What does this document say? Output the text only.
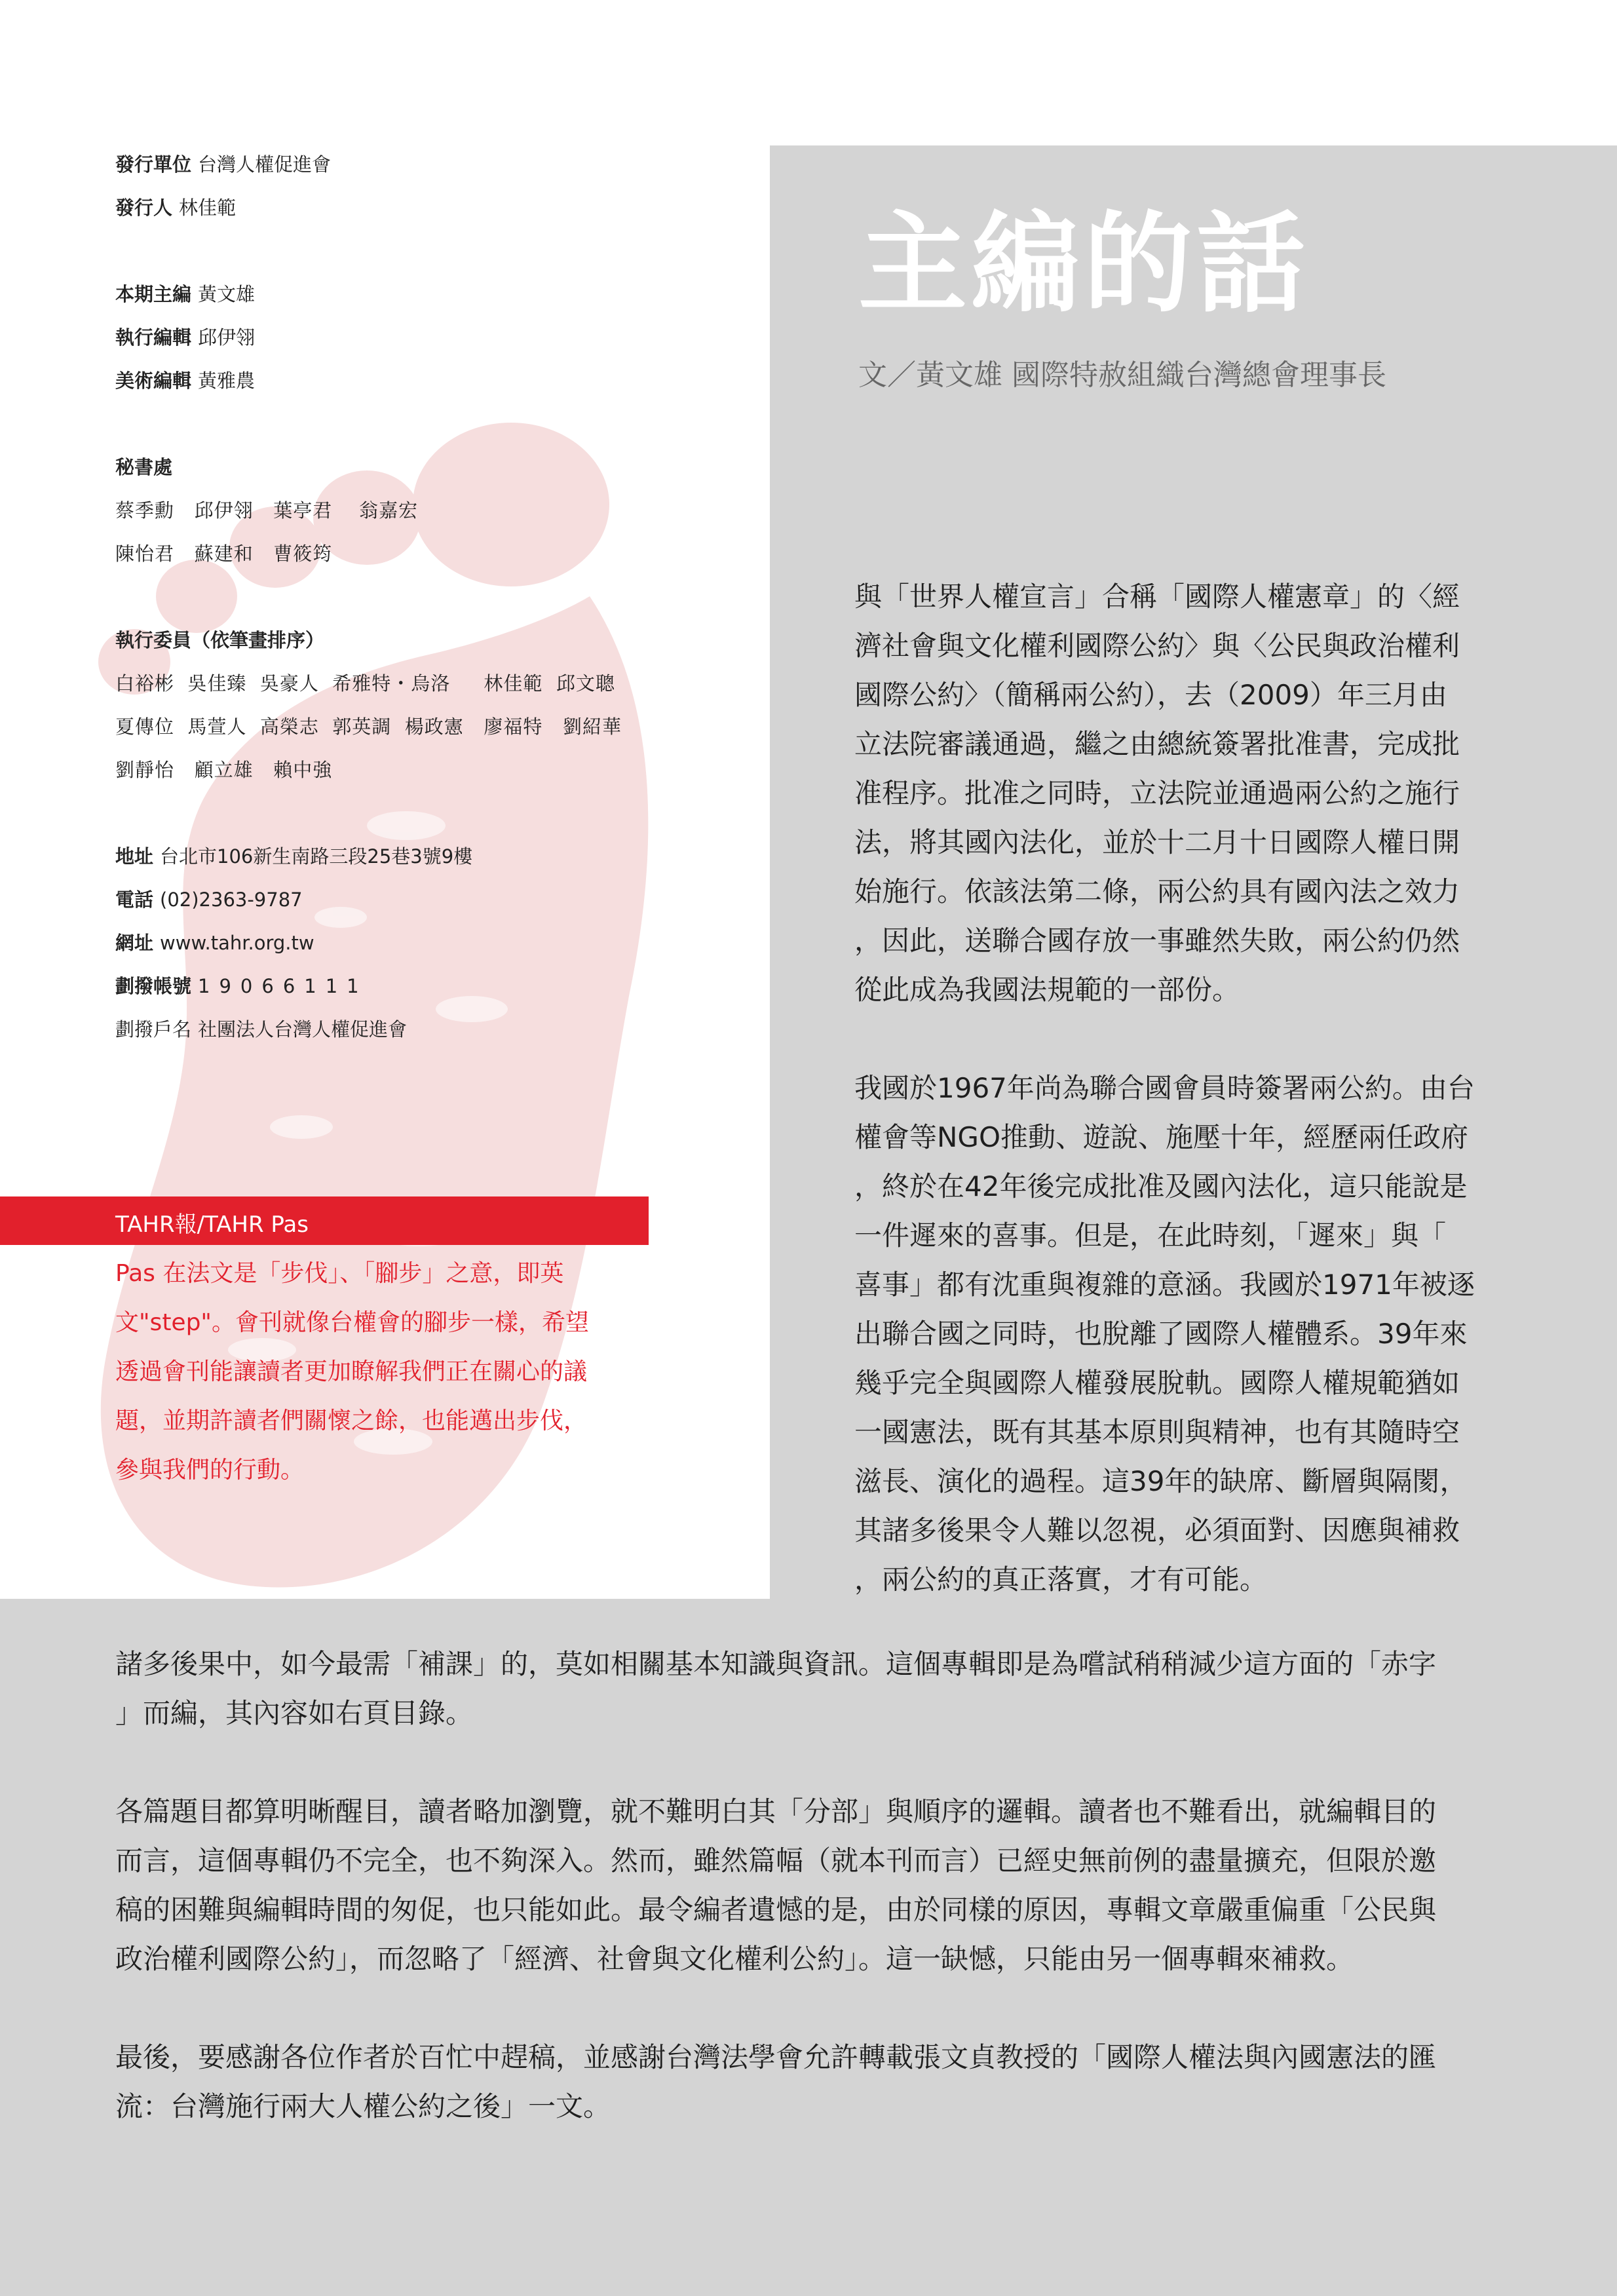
發行單位 台灣人權促進會
發行人 林佳範
本期主編 黃文雄
執行編輯 邱伊翎
美術編輯 黃雅農
秘書處
蔡季勳   邱伊翎   葉亭君    翁嘉宏
陳怡君   蘇建和   曹筱筠
執行委員（依筆畫排序）
白裕彬  吳佳臻  吳豪人  希雅特・烏洛     林佳範  邱文聰
夏傳位  馬萱人  高榮志  郭英調  楊政憲   廖福特   劉紹華
劉靜怡   顧立雄   賴中強
地址 台北市106新生南路三段25巷3號9樓
電話 (02)2363-9787
網址 www.tahr.org.tw
劃撥帳號 19066111
劃撥戶名 社團法人台灣人權促進會
TAHR報/TAHR Pas
Pas 在法文是「步伐」、「腳步」之意，即英
文"step"。會刊就像台權會的腳步一樣，希望
透過會刊能讓讀者更加瞭解我們正在關心的議
題，並期許讀者們關懷之餘，也能邁出步伐，
參與我們的行動。
主編的話
文／黃文雄 國際特赦組織台灣總會理事長
與「世界人權宣言」合稱「國際人權憲章」的〈經
濟社會與文化權利國際公約〉與〈公民與政治權利
國際公約〉（簡稱兩公約），去（2009）年三月由
立法院審議通過，繼之由總統簽署批准書，完成批
准程序。批准之同時，立法院並通過兩公約之施行
法，將其國內法化，並於十二月十日國際人權日開
始施行。依該法第二條，兩公約具有國內法之效力
，因此，送聯合國存放一事雖然失敗，兩公約仍然
從此成為我國法規範的一部份。
我國於1967年尚為聯合國會員時簽署兩公約。由台
權會等NGO推動、遊說、施壓十年，經歷兩任政府
，終於在42年後完成批准及國內法化，這只能說是
一件遲來的喜事。但是，在此時刻，「遲來」與「
喜事」都有沈重與複雜的意涵。我國於1971年被逐
出聯合國之同時，也脫離了國際人權體系。39年來
幾乎完全與國際人權發展脫軌。國際人權規範猶如
一國憲法，既有其基本原則與精神，也有其隨時空
滋長、演化的過程。這39年的缺席、斷層與隔閡，
其諸多後果令人難以忽視，必須面對、因應與補救
，兩公約的真正落實，才有可能。
諸多後果中，如今最需「補課」的，莫如相關基本知識與資訊。這個專輯即是為嚐試稍稍減少這方面的「赤字
」而編，其內容如右頁目錄。
各篇題目都算明晰醒目，讀者略加瀏覽，就不難明白其「分部」與順序的邏輯。讀者也不難看出，就編輯目的
而言，這個專輯仍不完全，也不夠深入。然而，雖然篇幅（就本刊而言）已經史無前例的盡量擴充，但限於邀
稿的困難與編輯時間的匆促，也只能如此。最令編者遺憾的是，由於同樣的原因，專輯文章嚴重偏重「公民與
政治權利國際公約」，而忽略了「經濟、社會與文化權利公約」。這一缺憾，只能由另一個專輯來補救。
最後，要感謝各位作者於百忙中趕稿，並感謝台灣法學會允許轉載張文貞教授的「國際人權法與內國憲法的匯
流：台灣施行兩大人權公約之後」一文。
